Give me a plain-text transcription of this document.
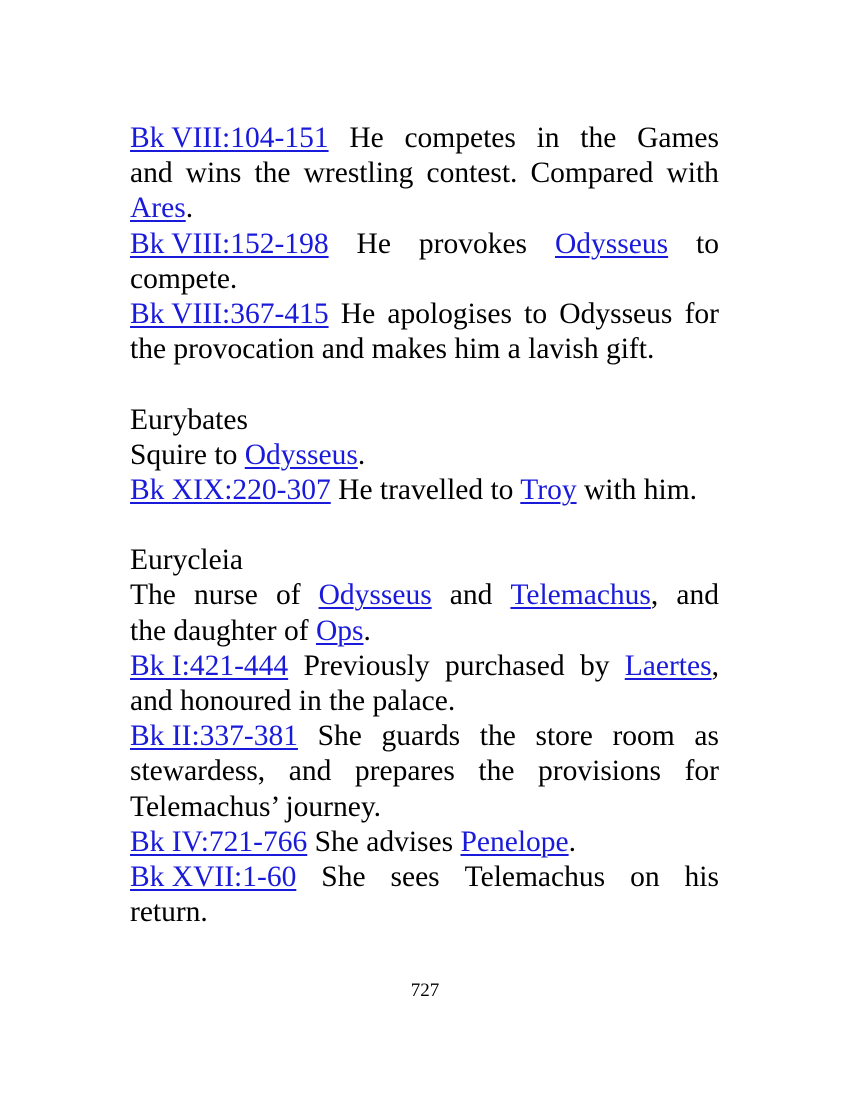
Bk VIII:104-151 He competes in the Games
and wins the wrestling contest. Compared with
Ares.
Bk VIII:152-198 He provokes Odysseus to
compete.
Bk VIII:367-415 He apologises to Odysseus for
the provocation and makes him a lavish gift.
Eurybates
Squire to Odysseus.
Bk XIX:220-307 He travelled to Troy with him.
Eurycleia
The nurse of Odysseus and Telemachus, and
the daughter of Ops.
Bk I:421-444 Previously purchased by Laertes,
and honoured in the palace.
Bk II:337-381 She guards the store room as
stewardess, and prepares the provisions for
Telemachus’ journey.
Bk IV:721-766 She advises Penelope.
Bk XVII:1-60 She sees Telemachus on his
return.
727
